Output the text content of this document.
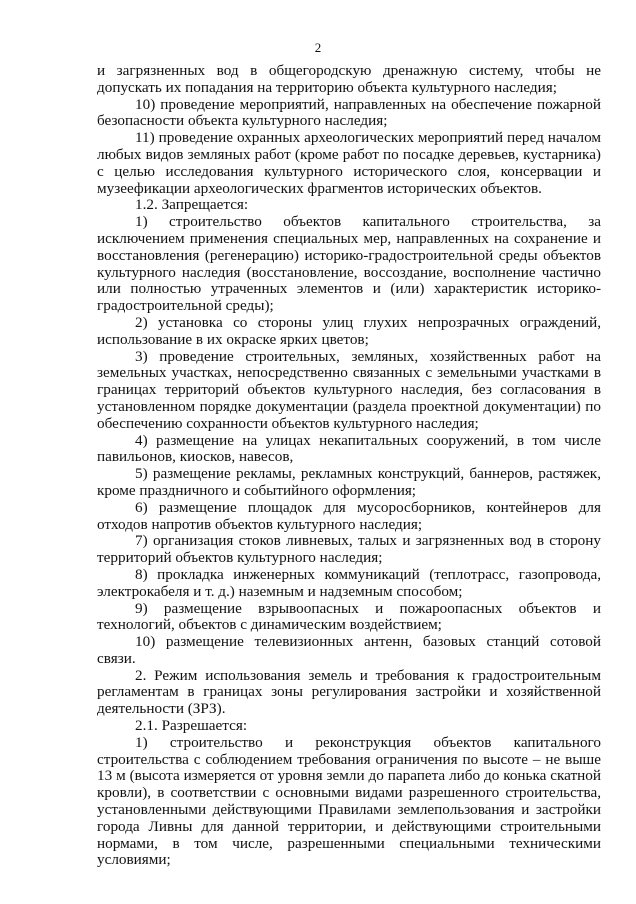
2

и загрязненных вод в общегородскую дренажную систему, чтобы не допускать их попадания на территорию объекта культурного наследия;

10) проведение мероприятий, направленных на обеспечение пожарной безопасности объекта культурного наследия;

11) проведение охранных археологических мероприятий перед началом любых видов земляных работ (кроме работ по посадке деревьев, кустарника) с целью исследования культурного исторического слоя, консервации и музеефикации археологических фрагментов исторических объектов.

1.2. Запрещается:

1) строительство объектов капитального строительства, за исключением применения специальных мер, направленных на сохранение и восстановления (регенерацию) историко-градостроительной среды объектов культурного наследия (восстановление, воссоздание, восполнение частично или полностью утраченных элементов и (или) характеристик историко-градостроительной среды);

2) установка со стороны улиц глухих непрозрачных ограждений, использование в их окраске ярких цветов;

3) проведение строительных, земляных, хозяйственных работ на земельных участках, непосредственно связанных с земельными участками в границах территорий объектов культурного наследия, без согласования в установленном порядке документации (раздела проектной документации) по обеспечению сохранности объектов культурного наследия;

4) размещение на улицах некапитальных сооружений, в том числе павильонов, киосков, навесов,

5) размещение рекламы, рекламных конструкций, баннеров, растяжек, кроме праздничного и событийного оформления;

6) размещение площадок для мусоросборников, контейнеров для отходов напротив объектов культурного наследия;

7) организация стоков ливневых, талых и загрязненных вод в сторону территорий объектов культурного наследия;

8) прокладка инженерных коммуникаций (теплотрасс, газопровода, электрокабеля и т. д.) наземным и надземным способом;

9) размещение взрывоопасных и пожароопасных объектов и технологий, объектов с динамическим воздействием;

10) размещение телевизионных антенн, базовых станций сотовой связи.

2. Режим использования земель и требования к градостроительным регламентам в границах зоны регулирования застройки и хозяйственной деятельности (ЗРЗ).

2.1. Разрешается:

1) строительство и реконструкция объектов капитального строительства с соблюдением требования ограничения по высоте – не выше 13 м (высота измеряется от уровня земли до парапета либо до конька скатной кровли), в соответствии с основными видами разрешенного строительства, установленными действующими Правилами землепользования и застройки города Ливны для данной территории, и действующими строительными нормами, в том числе, разрешенными специальными техническими условиями;
